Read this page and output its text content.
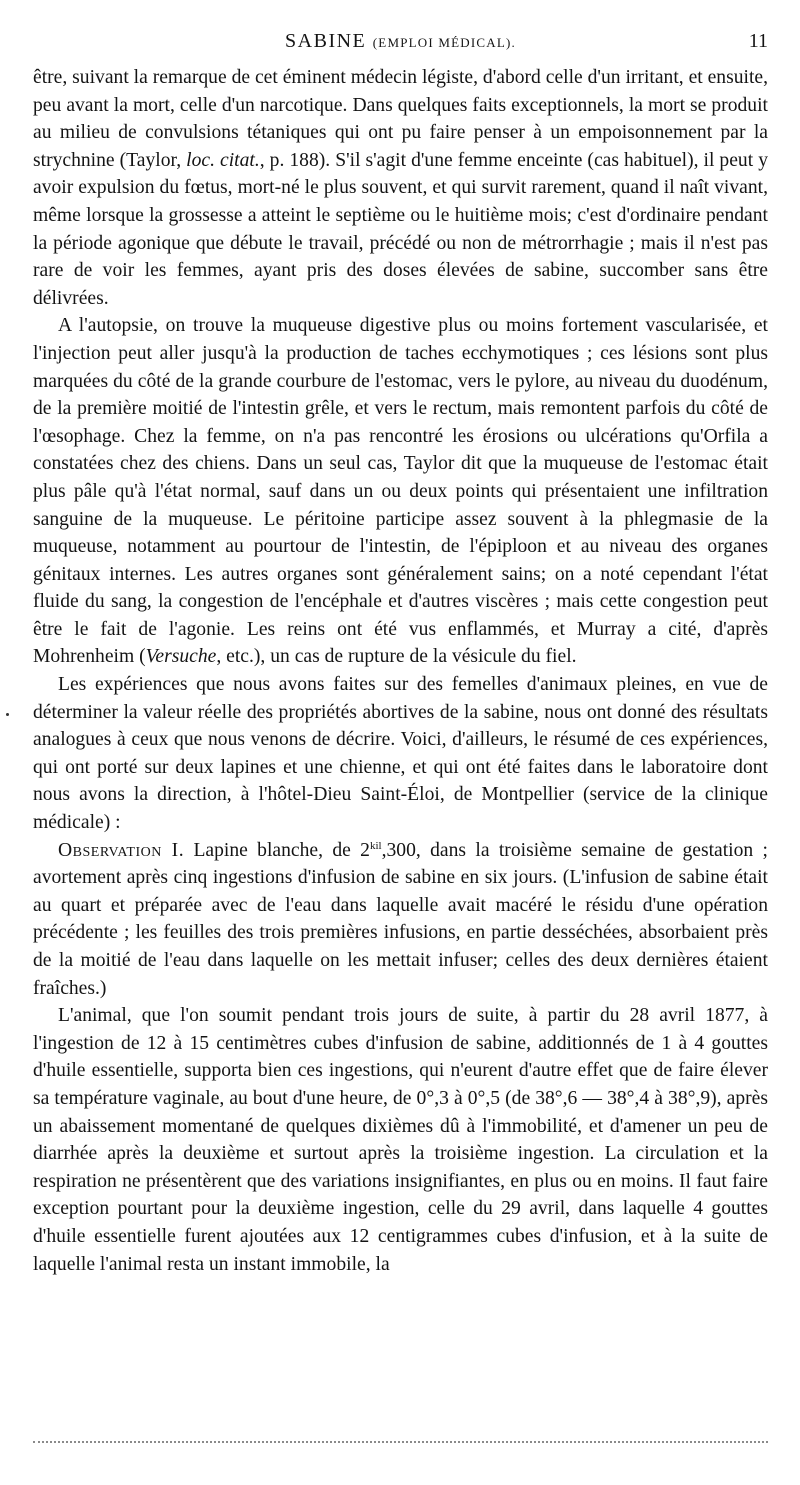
SABINE (EMPLOI MÉDICAL).	11

être, suivant la remarque de cet éminent médecin légiste, d'abord celle d'un irritant, et ensuite, peu avant la mort, celle d'un narcotique. Dans quelques faits exceptionnels, la mort se produit au milieu de convulsions tétaniques qui ont pu faire penser à un empoisonnement par la strychnine (Taylor, loc. citat., p. 188). S'il s'agit d'une femme enceinte (cas habituel), il peut y avoir expulsion du fœtus, mort-né le plus souvent, et qui survit rarement, quand il naît vivant, même lorsque la grossesse a atteint le septième ou le huitième mois; c'est d'ordinaire pendant la période agonique que débute le travail, précédé ou non de métrorrhagie ; mais il n'est pas rare de voir les femmes, ayant pris des doses élevées de sabine, succomber sans être délivrées.

A l'autopsie, on trouve la muqueuse digestive plus ou moins fortement vascularisée, et l'injection peut aller jusqu'à la production de taches ecchymotiques ; ces lésions sont plus marquées du côté de la grande courbure de l'estomac, vers le pylore, au niveau du duodénum, de la première moitié de l'intestin grêle, et vers le rectum, mais remontent parfois du côté de l'œsophage. Chez la femme, on n'a pas rencontré les érosions ou ulcérations qu'Orfila a constatées chez des chiens. Dans un seul cas, Taylor dit que la muqueuse de l'estomac était plus pâle qu'à l'état normal, sauf dans un ou deux points qui présentaient une infiltration sanguine de la muqueuse. Le péritoine participe assez souvent à la phlegmasie de la muqueuse, notamment au pourtour de l'intestin, de l'épiploon et au niveau des organes génitaux internes. Les autres organes sont généralement sains; on a noté cependant l'état fluide du sang, la congestion de l'encéphale et d'autres viscères ; mais cette congestion peut être le fait de l'agonie. Les reins ont été vus enflammés, et Murray a cité, d'après Mohrenheim (Versuche, etc.), un cas de rupture de la vésicule du fiel.

Les expériences que nous avons faites sur des femelles d'animaux pleines, en vue de déterminer la valeur réelle des propriétés abortives de la sabine, nous ont donné des résultats analogues à ceux que nous venons de décrire. Voici, d'ailleurs, le résumé de ces expériences, qui ont porté sur deux lapines et une chienne, et qui ont été faites dans le laboratoire dont nous avons la direction, à l'hôtel-Dieu Saint-Éloi, de Montpellier (service de la clinique médicale) :

Observation I. Lapine blanche, de $2^{kil},300$, dans la troisième semaine de gestation ; avortement après cinq ingestions d'infusion de sabine en six jours. (L'infusion de sabine était au quart et préparée avec de l'eau dans laquelle avait macéré le résidu d'une opération précédente ; les feuilles des trois premières infusions, en partie desséchées, absorbaient près de la moitié de l'eau dans laquelle on les mettait infuser; celles des deux dernières étaient fraîches.)

L'animal, que l'on soumit pendant trois jours de suite, à partir du 28 avril 1877, à l'ingestion de 12 à 15 centimètres cubes d'infusion de sabine, additionnés de 1 à 4 gouttes d'huile essentielle, supporta bien ces ingestions, qui n'eurent d'autre effet que de faire élever sa température vaginale, au bout d'une heure, de 0°,3 à 0°,5 (de 38°,6 — 38°,4 à 38°,9), après un abaissement momentané de quelques dixièmes dû à l'immobilité, et d'amener un peu de diarrhée après la deuxième et surtout après la troisième ingestion. La circulation et la respiration ne présentèrent que des variations insignifiantes, en plus ou en moins. Il faut faire exception pourtant pour la deuxième ingestion, celle du 29 avril, dans laquelle 4 gouttes d'huile essentielle furent ajoutées aux 12 centigrammes cubes d'infusion, et à la suite de laquelle l'animal resta un instant immobile, la
